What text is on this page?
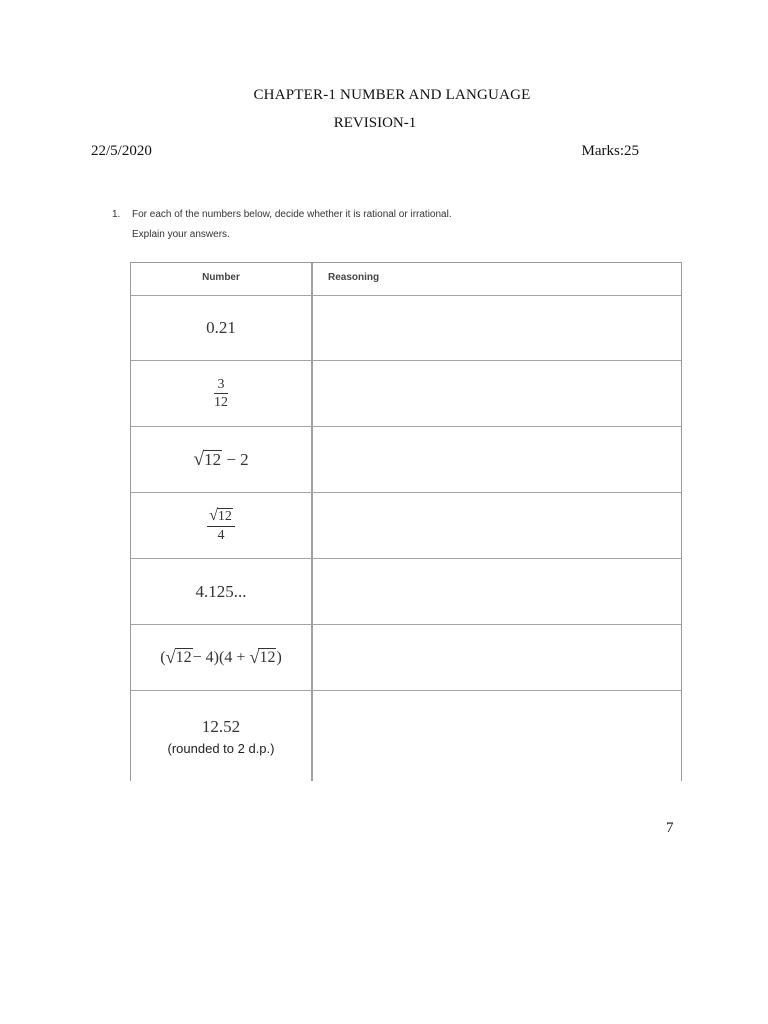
CHAPTER-1 NUMBER AND LANGUAGE
REVISION-1
22/5/2020	Marks:25
1. For each of the numbers below, decide whether it is rational or irrational.
Explain your answers.
Number	Reasoning
0.21
$\frac{3}{12}$
√ 12
− 2
$\frac{√ 12}{4}$
4.125...
( √ 12 − 4)(4 + √ 12 )
12.52
(rounded to 2 d.p.)
7
